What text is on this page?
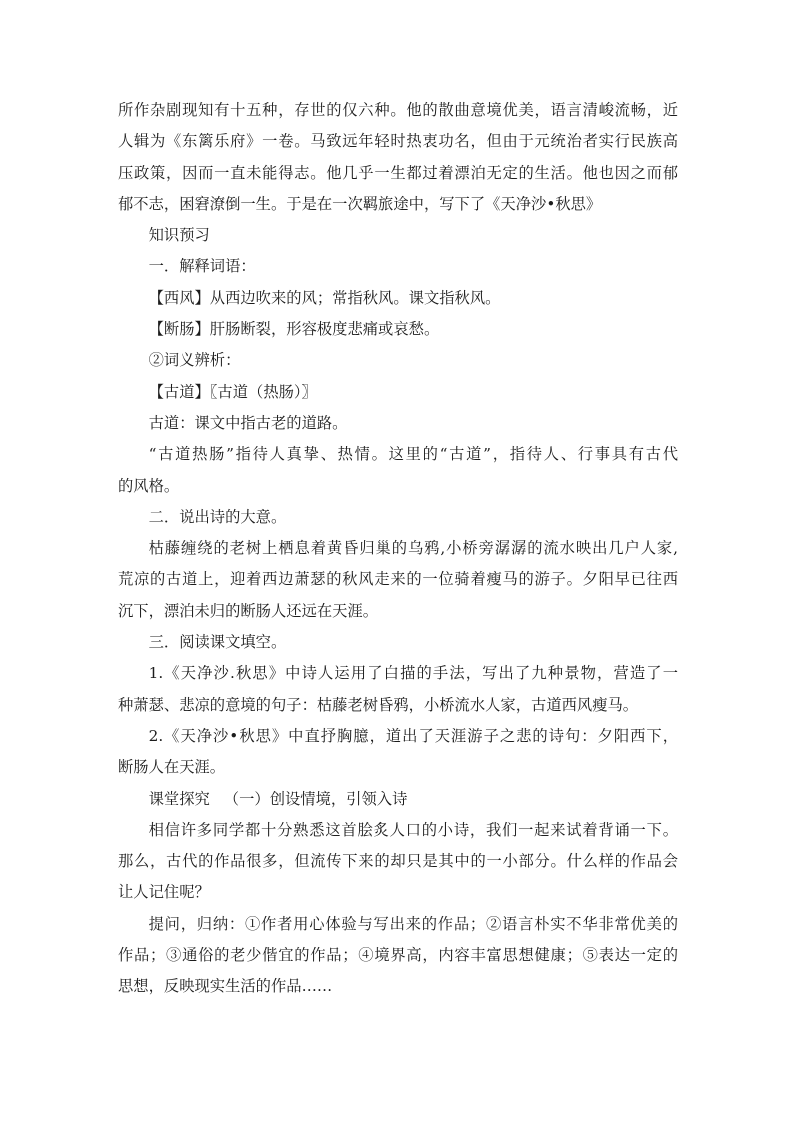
所作杂剧现知有十五种，存世的仅六种。他的散曲意境优美，语言清峻流畅，近
人辑为《东篱乐府》一卷。马致远年轻时热衷功名，但由于元统治者实行民族高
压政策，因而一直未能得志。他几乎一生都过着漂泊无定的生活。他也因之而郁
郁不志，困窘潦倒一生。于是在一次羁旅途中，写下了《天净沙•秋思》
知识预习
一．解释词语：
【西风】从西边吹来的风；常指秋风。课文指秋风。
【断肠】肝肠断裂，形容极度悲痛或哀愁。
②词义辨析：
【古道】〖古道（热肠）〗
古道：课文中指古老的道路。
“古道热肠”指待人真挚、热情。这里的“古道”，指待人、行事具有古代
的风格。
二．说出诗的大意。
枯藤缠绕的老树上栖息着黄昏归巢的乌鸦,小桥旁潺潺的流水映出几户人家,
荒凉的古道上，迎着西边萧瑟的秋风走来的一位骑着瘦马的游子。夕阳早已往西
沉下，漂泊未归的断肠人还远在天涯。
三．阅读课文填空。
1.《天净沙.秋思》中诗人运用了白描的手法，写出了九种景物，营造了一
种萧瑟、悲凉的意境的句子：枯藤老树昏鸦，小桥流水人家，古道西风瘦马。
2.《天净沙•秋思》中直抒胸臆，道出了天涯游子之悲的诗句：夕阳西下，
断肠人在天涯。
课堂探究 （一）创设情境，引领入诗
相信许多同学都十分熟悉这首脍炙人口的小诗，我们一起来试着背诵一下。
那么，古代的作品很多，但流传下来的却只是其中的一小部分。什么样的作品会
让人记住呢？
提问，归纳：①作者用心体验与写出来的作品；②语言朴实不华非常优美的
作品；③通俗的老少偕宜的作品；④境界高，内容丰富思想健康；⑤表达一定的
思想，反映现实生活的作品……
